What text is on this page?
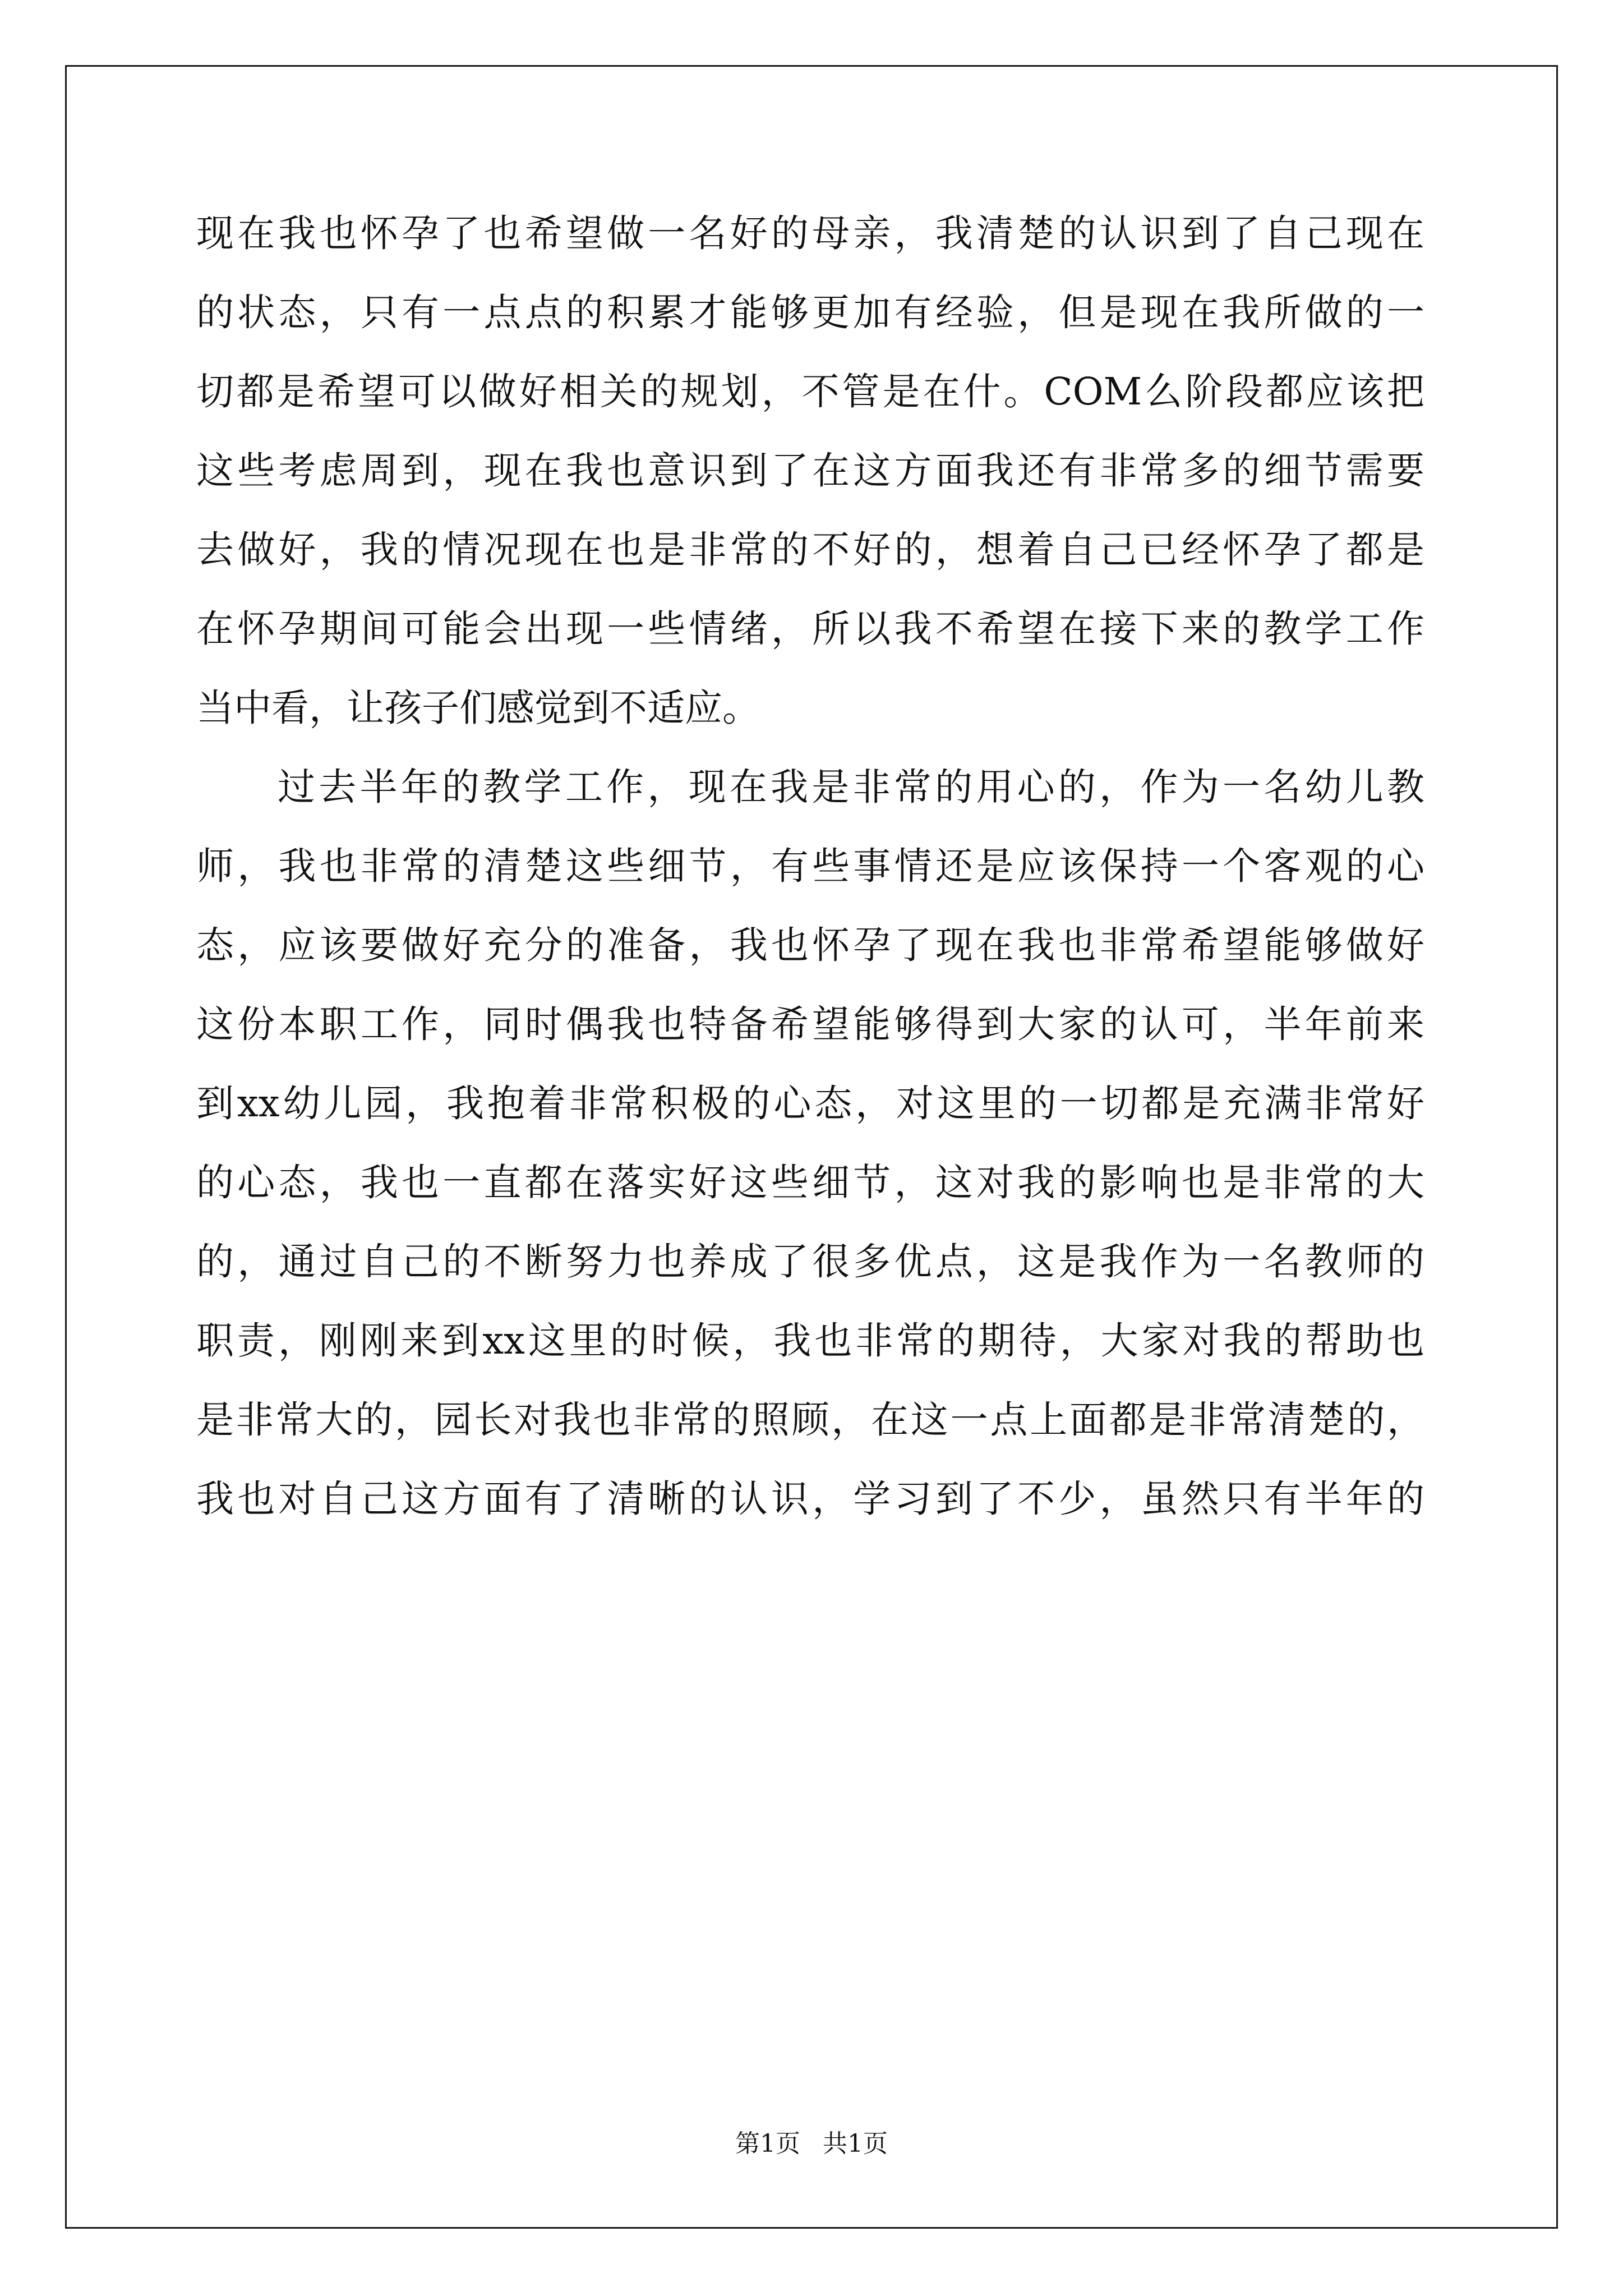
现在我也怀孕了也希望做一名好的母亲，我清楚的认识到了自己现在
的状态，只有一点点的积累才能够更加有经验，但是现在我所做的一
切都是希望可以做好相关的规划，不管是在什。COM么阶段都应该把
这些考虑周到，现在我也意识到了在这方面我还有非常多的细节需要
去做好，我的情况现在也是非常的不好的，想着自己已经怀孕了都是
在怀孕期间可能会出现一些情绪，所以我不希望在接下来的教学工作
当中看，让孩子们感觉到不适应。
过去半年的教学工作，现在我是非常的用心的，作为一名幼儿教
师，我也非常的清楚这些细节，有些事情还是应该保持一个客观的心
态，应该要做好充分的准备，我也怀孕了现在我也非常希望能够做好
这份本职工作，同时偶我也特备希望能够得到大家的认可，半年前来
到xx幼儿园，我抱着非常积极的心态，对这里的一切都是充满非常好
的心态，我也一直都在落实好这些细节，这对我的影响也是非常的大
的，通过自己的不断努力也养成了很多优点，这是我作为一名教师的
职责，刚刚来到xx这里的时候，我也非常的期待，大家对我的帮助也
是非常大的，园长对我也非常的照顾，在这一点上面都是非常清楚的，
我也对自己这方面有了清晰的认识，学习到了不少，虽然只有半年的
第1页 共1页
